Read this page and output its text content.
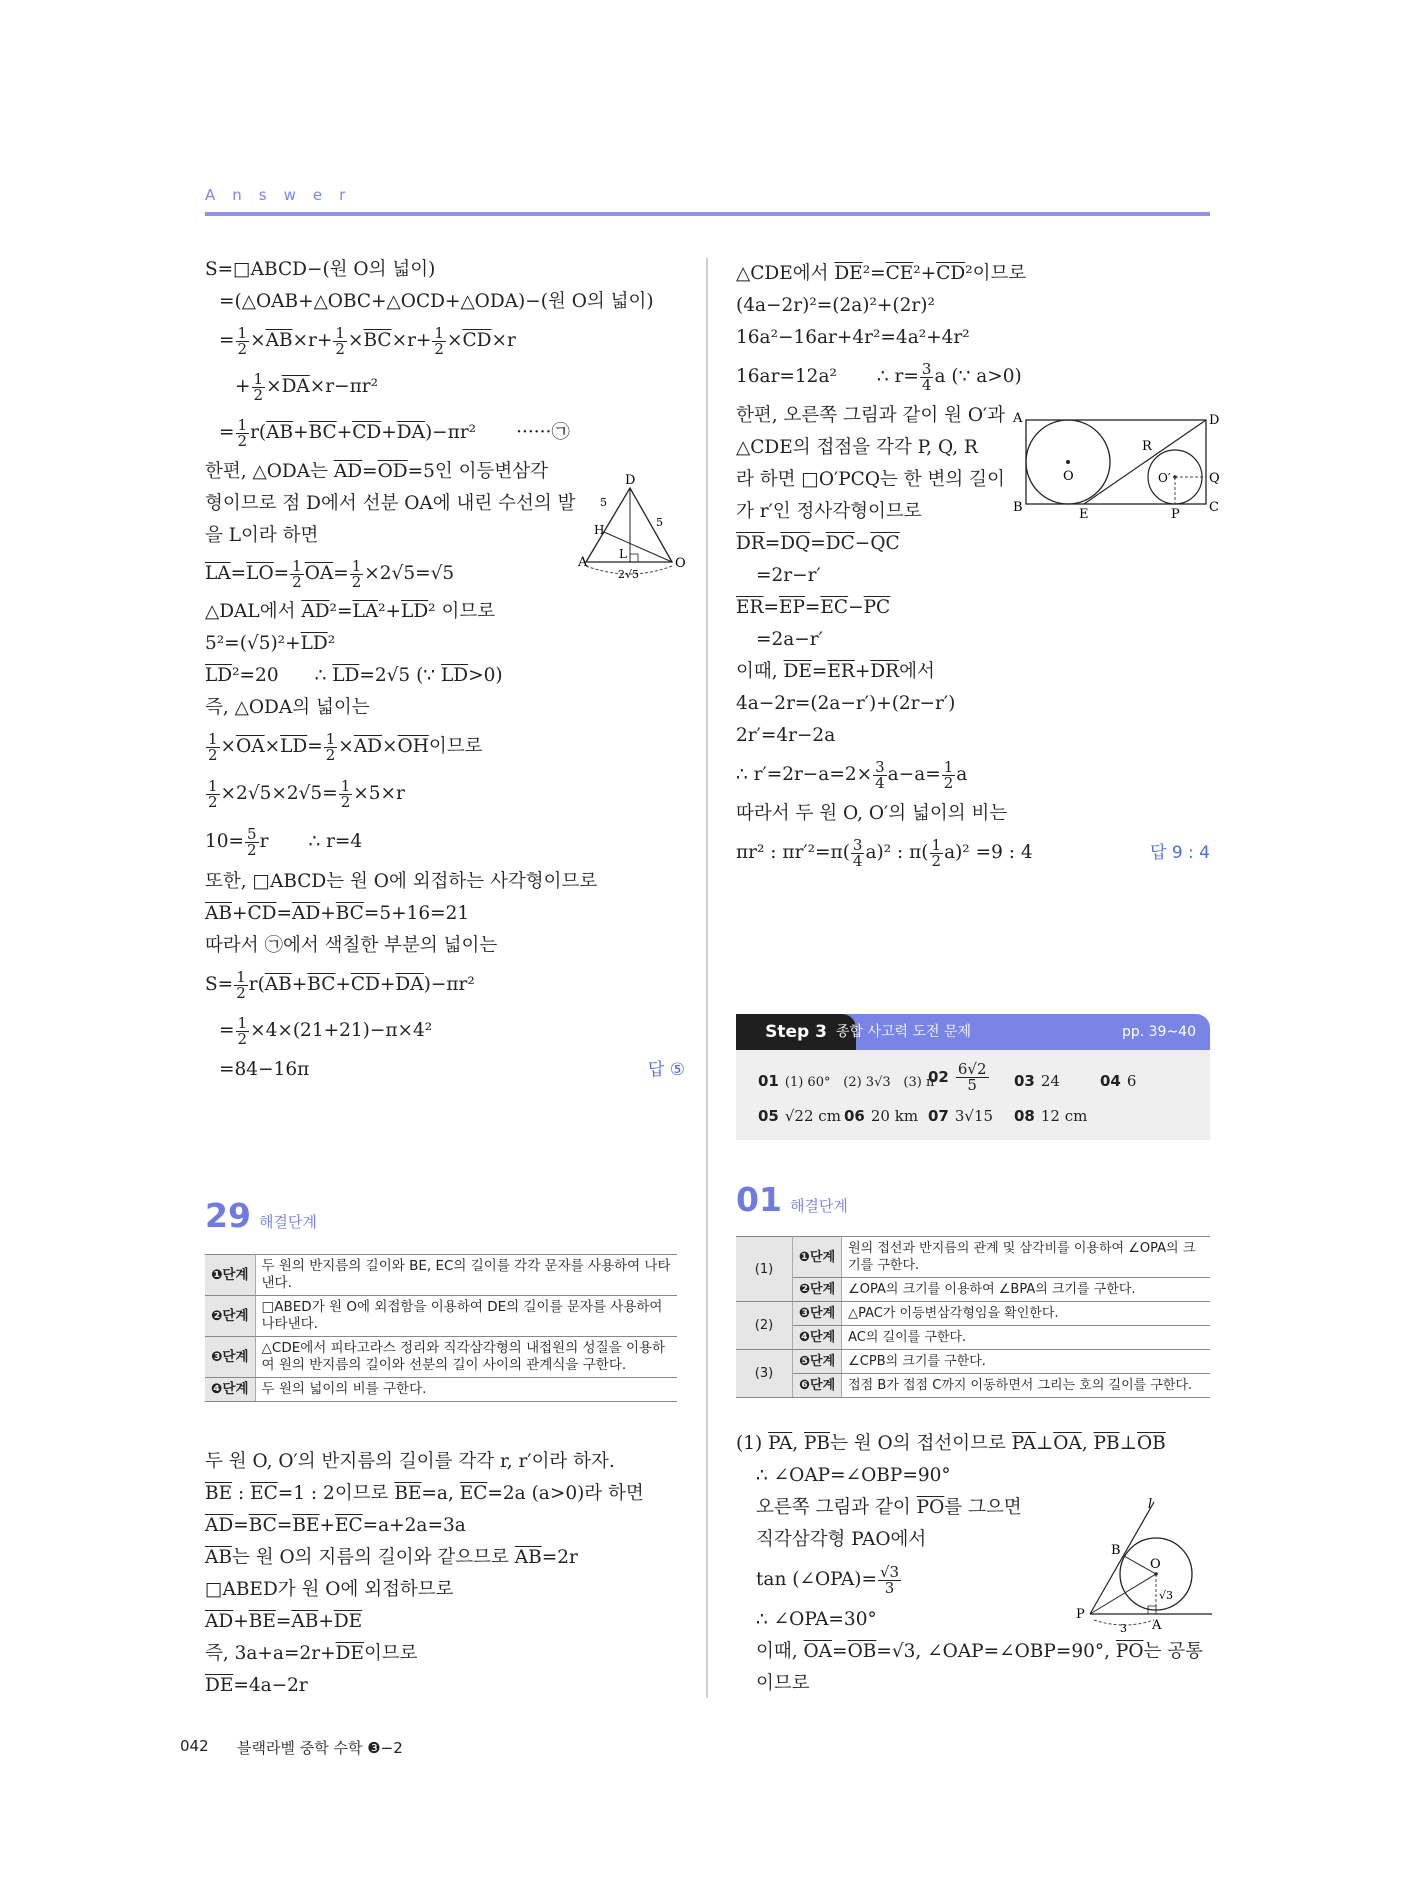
Answer

S=□ABCD−(원 O의 넓이)

=(△OAB+△OBC+△OCD+△ODA)−(원 O의 넓이)

= $\frac{1}{2} \times\overline{AB}\times r+ \frac{1}{2} \times\overline{BC}\times r+ \frac{1}{2} \times\overline{CD}\times r$

+ $\frac{1}{2} \times\overline{DA}\times r-\pi r^2$

= $\frac{1}{2} r(\overline{AB}+\overline{BC}+\overline{CD}+\overline{DA})-\pi r^2$ ······㉠

한편, △ODA는 $\overline{AD}=\overline{OD}=5$인 이등변삼각

형이므로 점 D에서 선분 OA에 내린 수선의 발

을 L이라 하면

$\overline{LA}=\overline{LO}= \frac{1}{2} \overline{OA}= \frac{1}{2} \times 2√5=√5$

△DAL에서 $\overline{AD}^2=\overline{LA}^2+\overline{LD}^2$ 이므로

$5^2=(√5)^2+\overline{LD}^2$

$\overline{LD}^2=20$ ∴ $\overline{LD}=2√5$ (∵ $\overline{LD}>0$)

즉, △ODA의 넓이는

$\frac{1}{2} \times\overline{OA}\times\overline{LD}= \frac{1}{2} \times\overline{AD}\times\overline{OH}$이므로

$\frac{1}{2} \times 2√5\times 2√5= \frac{1}{2} \times 5\times r$

$10= \frac{5}{2}$ r ∴ r=4

또한, □ABCD는 원 O에 외접하는 사각형이므로

$\overline{AB}+\overline{CD}=\overline{AD}+\overline{BC}=5+16=21$

따라서 ㉠에서 색칠한 부분의 넓이는

$S= \frac{1}{2} r(\overline{AB}+\overline{BC}+\overline{CD}+\overline{DA})-\pi r^2$

= $\frac{1}{2} \times 4\times(21+21)-\pi\times 4^2$

=84−16π	답 ⑤

D
H
A
L
O
5
5
2√5
29 해결단계
❶단계	두 원의 반지름의 길이와 BE, EC의 길이를 각각 문자를 사용하여 나타낸다.
❷단계	□ABED가 원 O에 외접함을 이용하여 DE의 길이를 문자를 사용하여 나타낸다.
❸단계	△CDE에서 피타고라스 정리와 직각삼각형의 내접원의 성질을 이용하여 원의 반지름의 길이와 선분의 길이 사이의 관계식을 구한다.
❹단계	두 원의 넓이의 비를 구한다.

두 원 O, O′의 반지름의 길이를 각각 r, r′이라 하자.

$\overline{BE}$ : $\overline{EC}=1$ : 2이므로 $\overline{BE}=a$, $\overline{EC}=2a$ (a>0)라 하면

$\overline{AD}=\overline{BC}=\overline{BE}+\overline{EC}=a+2a=3a$

$\overline{AB}$는 원 O의 지름의 길이와 같으므로 $\overline{AB}=2r$

□ABED가 원 O에 외접하므로

$\overline{AD}+\overline{BE}=\overline{AB}+\overline{DE}$

즉, $3a+a=2r+\overline{DE}$이므로

$\overline{DE}=4a-2r$

△CDE에서 $\overline{DE}^2=\overline{CE}^2+\overline{CD}^2$이므로

(4a−2r)²=(2a)²+(2r)²

16a²−16ar+4r²=4a²+4r²

16ar=12a² ∴ $r= \frac{3}{4}$ a (∵ a>0)

한편, 오른쪽 그림과 같이 원 O′과

△CDE의 접점을 각각 P, Q, R

라 하면 □O′PCQ는 한 변의 길이

가 r′인 정사각형이므로

$\overline{DR}=\overline{DQ}=\overline{DC}-\overline{QC}$

=2r−r′

$\overline{ER}=\overline{EP}=\overline{EC}-\overline{PC}$

=2a−r′

이때, $\overline{DE}=\overline{ER}+\overline{DR}$에서

4a−2r=(2a−r′)+(2r−r′)

2r′=4r−2a

∴ $r'=2r-a=2\times \frac{3}{4} a-a= \frac{1}{2}$ a

따라서 두 원 O, O′의 넓이의 비는

πr² : $\pi r'^2=\pi( \frac{3}{4} a)^2$ : $\pi( \frac{1}{2} a)^2 =9$ : 4	답 9 : 4

A	D
B	C
E	P
Q
R
O	O′
Step 3 종합 사고력 도전 문제	pp. 39~40
01 (1) 60° (2) 3√3 (3) π
$02 \frac{6√2}{5} 03$ 24	04 6
05 √22 cm 06 20 km 07 3√15 08 12 cm
01 해결단계
(1)	❶단계	원의 접선과 반지름의 관계 및 삼각비를 이용하여 ∠OPA의 크기를 구한다.
	❷단계	∠OPA의 크기를 이용하여 ∠BPA의 크기를 구한다.
(2)	❸단계	△PAC가 이등변삼각형임을 확인한다.
	❹단계	AC의 길이를 구한다.
(3)	❺단계	∠CPB의 크기를 구한다.
	❻단계	접점 B가 접점 C까지 이동하면서 그리는 호의 길이를 구한다.

(1) $\overline{PA}$, $\overline{PB}$는 원 O의 접선이므로 $\overline{PA}\perp\overline{OA}$, $\overline{PB}\perp\overline{OB}$

∴ ∠OAP=∠OBP=90°

오른쪽 그림과 같이 $\overline{PO}$를 그으면

직각삼각형 PAO에서

tan (∠OPA)= $\frac{√3}{3}$

∴ ∠OPA=30°

이때, $\overline{OA}=\overline{OB}=√3$, ∠OAP=∠OBP=90°, $\overline{PO}$는 공통

이므로

l
B
O
P
A
√3
3
042 블랙라벨 중학 수학 ❸−2
